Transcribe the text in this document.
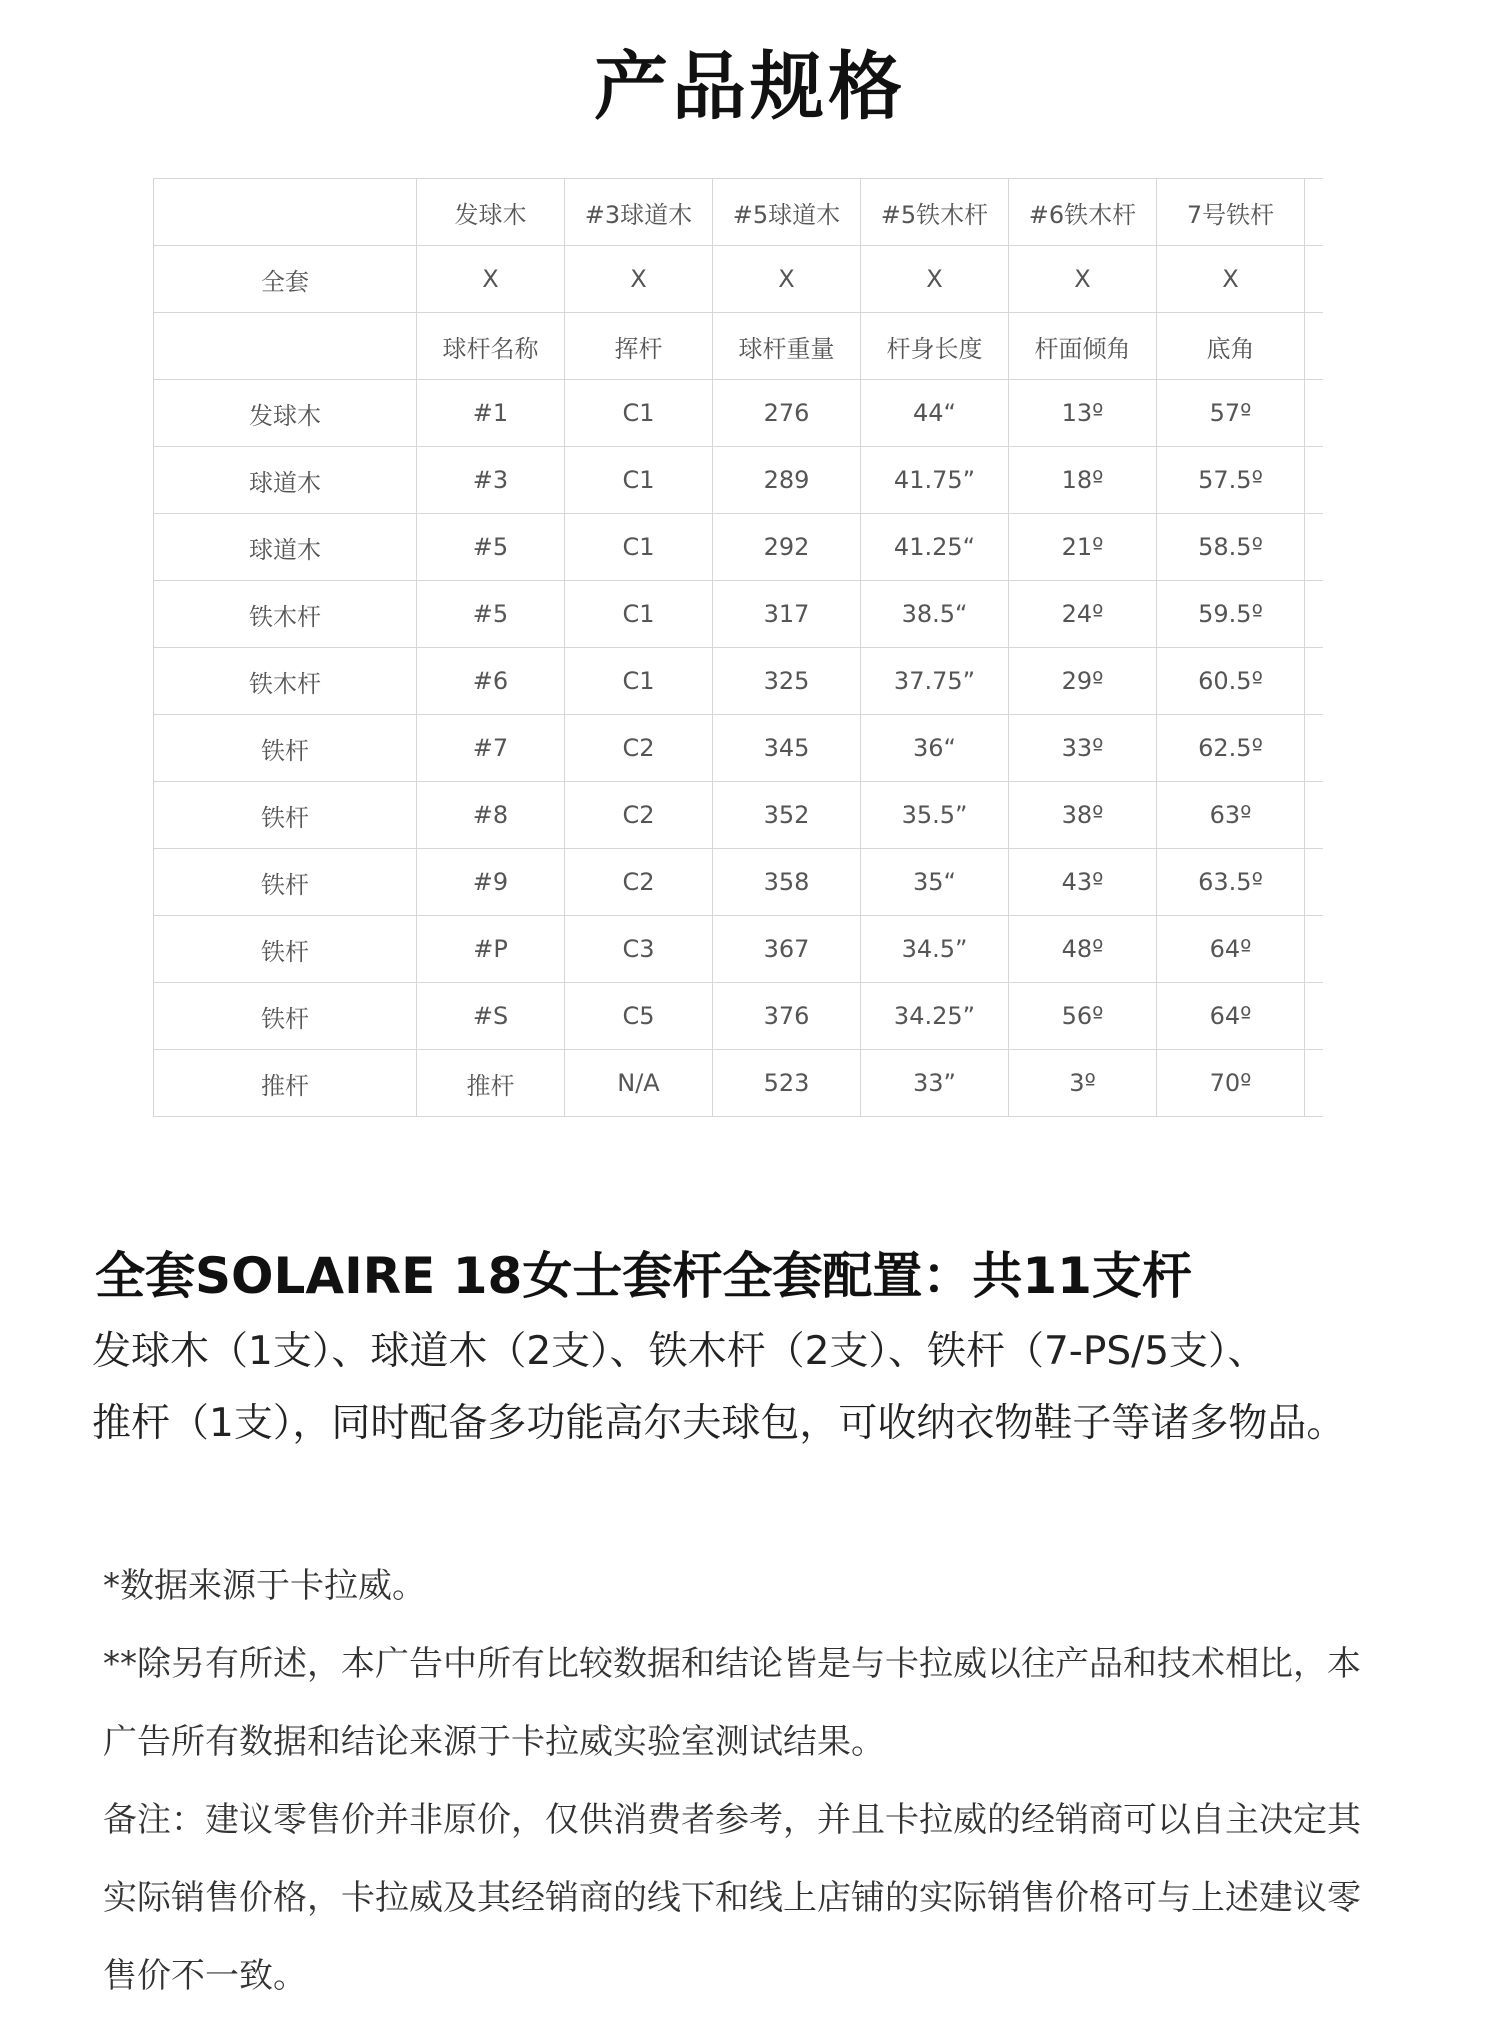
产品规格
	发球木	#3球道木	#5球道木	#5铁木杆	#6铁木杆	7号铁杆	
全套	X	X	X	X	X	X	
	球杆名称	挥杆	球杆重量	杆身长度	杆面倾角	底角	
发球木	#1	C1	276	44“	13º	57º	
球道木	#3	C1	289	41.75”	18º	57.5º	
球道木	#5	C1	292	41.25“	21º	58.5º	
铁木杆	#5	C1	317	38.5“	24º	59.5º	
铁木杆	#6	C1	325	37.75”	29º	60.5º	
铁杆	#7	C2	345	36“	33º	62.5º	
铁杆	#8	C2	352	35.5”	38º	63º	
铁杆	#9	C2	358	35“	43º	63.5º	
铁杆	#P	C3	367	34.5”	48º	64º	
铁杆	#S	C5	376	34.25”	56º	64º	
推杆	推杆	N/A	523	33”	3º	70º	
全套SOLAIRE 18女士套杆全套配置：共11支杆
发球木（1支）、球道木（2支）、铁木杆（2支）、铁杆（7-PS/5支）、
推杆（1支），同时配备多功能高尔夫球包，可收纳衣物鞋子等诸多物品。
*数据来源于卡拉威。
**除另有所述，本广告中所有比较数据和结论皆是与卡拉威以往产品和技术相比，本
广告所有数据和结论来源于卡拉威实验室测试结果。
备注：建议零售价并非原价，仅供消费者参考，并且卡拉威的经销商可以自主决定其
实际销售价格，卡拉威及其经销商的线下和线上店铺的实际销售价格可与上述建议零
售价不一致。
